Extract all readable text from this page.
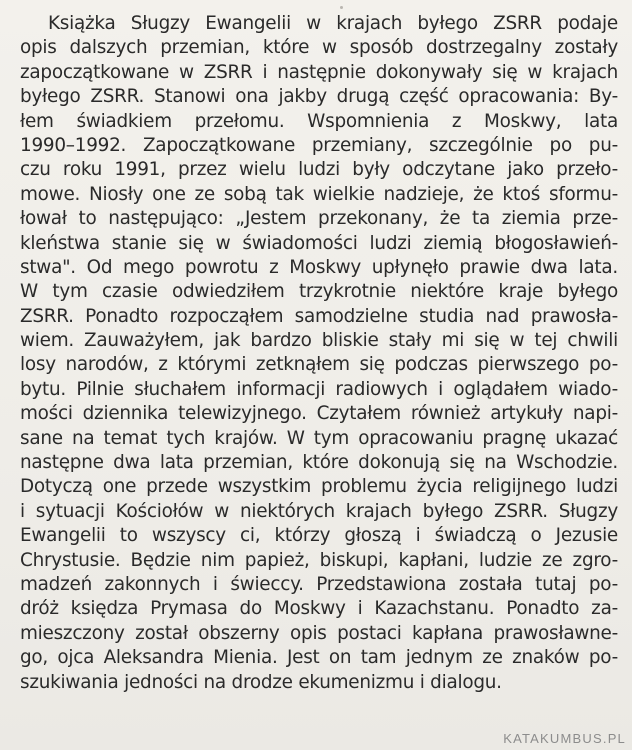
Książka Sługzy Ewangelii w krajach byłego ZSRR podaje
opis dalszych przemian, które w sposób dostrzegalny zostały
zapoczątkowane w ZSRR i następnie dokonywały się w krajach
byłego ZSRR. Stanowi ona jakby drugą część opracowania: By-
łem świadkiem przełomu. Wspomnienia z Moskwy, lata
1990–1992. Zapoczątkowane przemiany, szczególnie po pu-
czu roku 1991, przez wielu ludzi były odczytane jako przeło-
mowe. Niosły one ze sobą tak wielkie nadzieje, że ktoś sformu-
łował to następująco: „Jestem przekonany, że ta ziemia prze-
kleństwa stanie się w świadomości ludzi ziemią błogosławień-
stwa". Od mego powrotu z Moskwy upłynęło prawie dwa lata.
W tym czasie odwiedziłem trzykrotnie niektóre kraje byłego
ZSRR. Ponadto rozpocząłem samodzielne studia nad prawosła-
wiem. Zauważyłem, jak bardzo bliskie stały mi się w tej chwili
losy narodów, z którymi zetknąłem się podczas pierwszego po-
bytu. Pilnie słuchałem informacji radiowych i oglądałem wiado-
mości dziennika telewizyjnego. Czytałem również artykuły napi-
sane na temat tych krajów. W tym opracowaniu pragnę ukazać
następne dwa lata przemian, które dokonują się na Wschodzie.
Dotyczą one przede wszystkim problemu życia religijnego ludzi
i sytuacji Kościołów w niektórych krajach byłego ZSRR. Sługzy
Ewangelii to wszyscy ci, którzy głoszą i świadczą o Jezusie
Chrystusie. Będzie nim papież, biskupi, kapłani, ludzie ze zgro-
madzeń zakonnych i świeccy. Przedstawiona została tutaj po-
dróż księdza Prymasa do Moskwy i Kazachstanu. Ponadto za-
mieszczony został obszerny opis postaci kapłana prawosławne-
go, ojca Aleksandra Mienia. Jest on tam jednym ze znaków po-
szukiwania jedności na drodze ekumenizmu i dialogu.
KATAKUMBUS.PL
